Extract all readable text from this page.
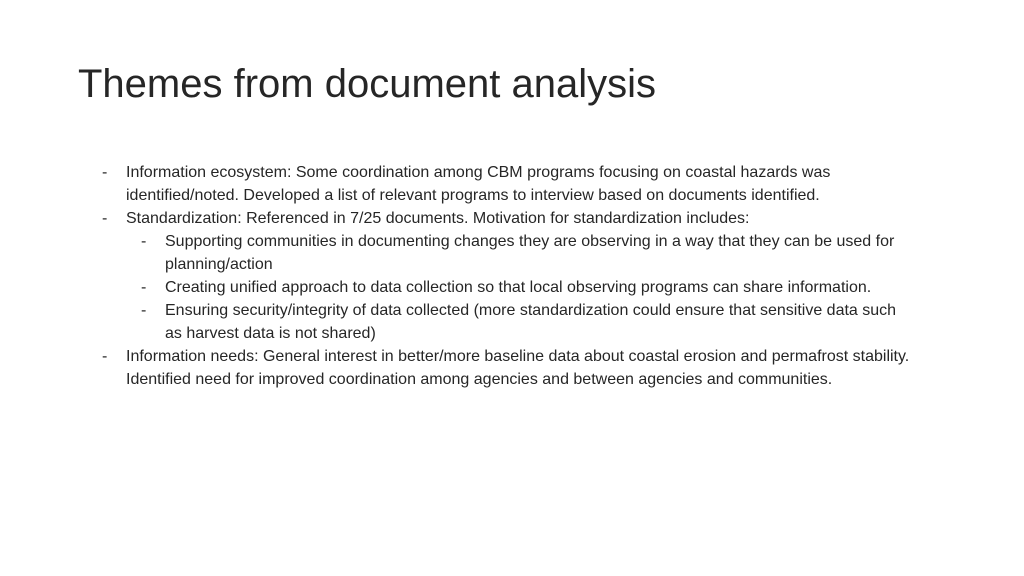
Themes from document analysis
- Information ecosystem: Some coordination among CBM programs focusing on coastal hazards was identified/noted. Developed a list of relevant programs to interview based on documents identified.
- Standardization: Referenced in 7/25 documents. Motivation for standardization includes:
- Supporting communities in documenting changes they are observing in a way that they can be used for planning/action
- Creating unified approach to data collection so that local observing programs can share information.
- Ensuring security/integrity of data collected (more standardization could ensure that sensitive data such as harvest data is not shared)
- Information needs: General interest in better/more baseline data about coastal erosion and permafrost stability. Identified need for improved coordination among agencies and between agencies and communities.
